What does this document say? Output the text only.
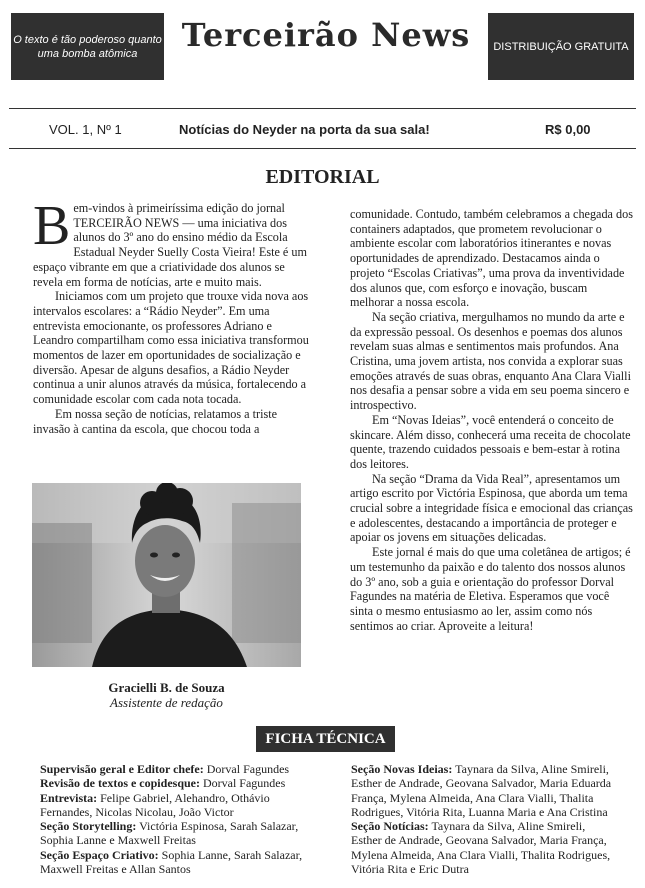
O texto é tão poderoso quanto uma bomba atômica	Terceirão News	DISTRIBUIÇÃO GRATUITA
VOL. 1, Nº 1	Notícias do Neyder na porta da sua sala!	R$ 0,00
EDITORIAL

Bem-vindos à primeiríssima edição do jornal TERCEIRÃO NEWS — uma iniciativa dos alunos do 3º ano do ensino médio da Escola Estadual Neyder Suelly Costa Vieira! Este é um espaço vibrante em que a criatividade dos alunos se revela em forma de notícias, arte e muito mais.

Iniciamos com um projeto que trouxe vida nova aos intervalos escolares: a “Rádio Neyder”. Em uma entrevista emocionante, os professores Adriano e Leandro compartilham como essa iniciativa transformou momentos de lazer em oportunidades de socialização e diversão. Apesar de alguns desafios, a Rádio Neyder continua a unir alunos através da música, fortalecendo a comunidade escolar com cada nota tocada.

Em nossa seção de notícias, relatamos a triste invasão à cantina da escola, que chocou toda a

Gracielli B. de Souza
Assistente de redação

comunidade. Contudo, também celebramos a chegada dos containers adaptados, que prometem revolucionar o ambiente escolar com laboratórios itinerantes e novas oportunidades de aprendizado. Destacamos ainda o projeto “Escolas Criativas”, uma prova da inventividade dos alunos que, com esforço e inovação, buscam melhorar a nossa escola.

Na seção criativa, mergulhamos no mundo da arte e da expressão pessoal. Os desenhos e poemas dos alunos revelam suas almas e sentimentos mais profundos. Ana Cristina, uma jovem artista, nos convida a explorar suas emoções através de suas obras, enquanto Ana Clara Vialli nos desafia a pensar sobre a vida em seu poema sincero e introspectivo.

Em “Novas Ideias”, você entenderá o conceito de skincare. Além disso, conhecerá uma receita de chocolate quente, trazendo cuidados pessoais e bem-estar à rotina dos leitores.

Na seção “Drama da Vida Real”, apresentamos um artigo escrito por Victória Espinosa, que aborda um tema crucial sobre a integridade física e emocional das crianças e adolescentes, destacando a importância de proteger e apoiar os jovens em situações delicadas.

Este jornal é mais do que uma coletânea de artigos; é um testemunho da paixão e do talento dos nossos alunos do 3º ano, sob a guia e orientação do professor Dorval Fagundes na matéria de Eletiva. Esperamos que você sinta o mesmo entusiasmo ao ler, assim como nós sentimos ao criar. Aproveite a leitura!

FICHA TÉCNICA
Supervisão geral e Editor chefe: Dorval Fagundes
Revisão de textos e copidesque: Dorval Fagundes
Entrevista: Felipe Gabriel, Alehandro, Othávio Fernandes, Nicolas Nicolau, João Victor
Seção Storytelling: Victória Espinosa, Sarah Salazar, Sophia Lanne e Maxwell Freitas
Seção Espaço Criativo: Sophia Lanne, Sarah Salazar, Maxwell Freitas e Allan Santos
Seção Novas Ideias: Taynara da Silva, Aline Smireli, Esther de Andrade, Geovana Salvador, Maria Eduarda França, Mylena Almeida, Ana Clara Vialli, Thalita Rodrigues, Vitória Rita, Luanna Maria e Ana Cristina
Seção Notícias: Taynara da Silva, Aline Smireli, Esther de Andrade, Geovana Salvador, Maria França, Mylena Almeida, Ana Clara Vialli, Thalita Rodrigues, Vitória Rita e Eric Dutra
